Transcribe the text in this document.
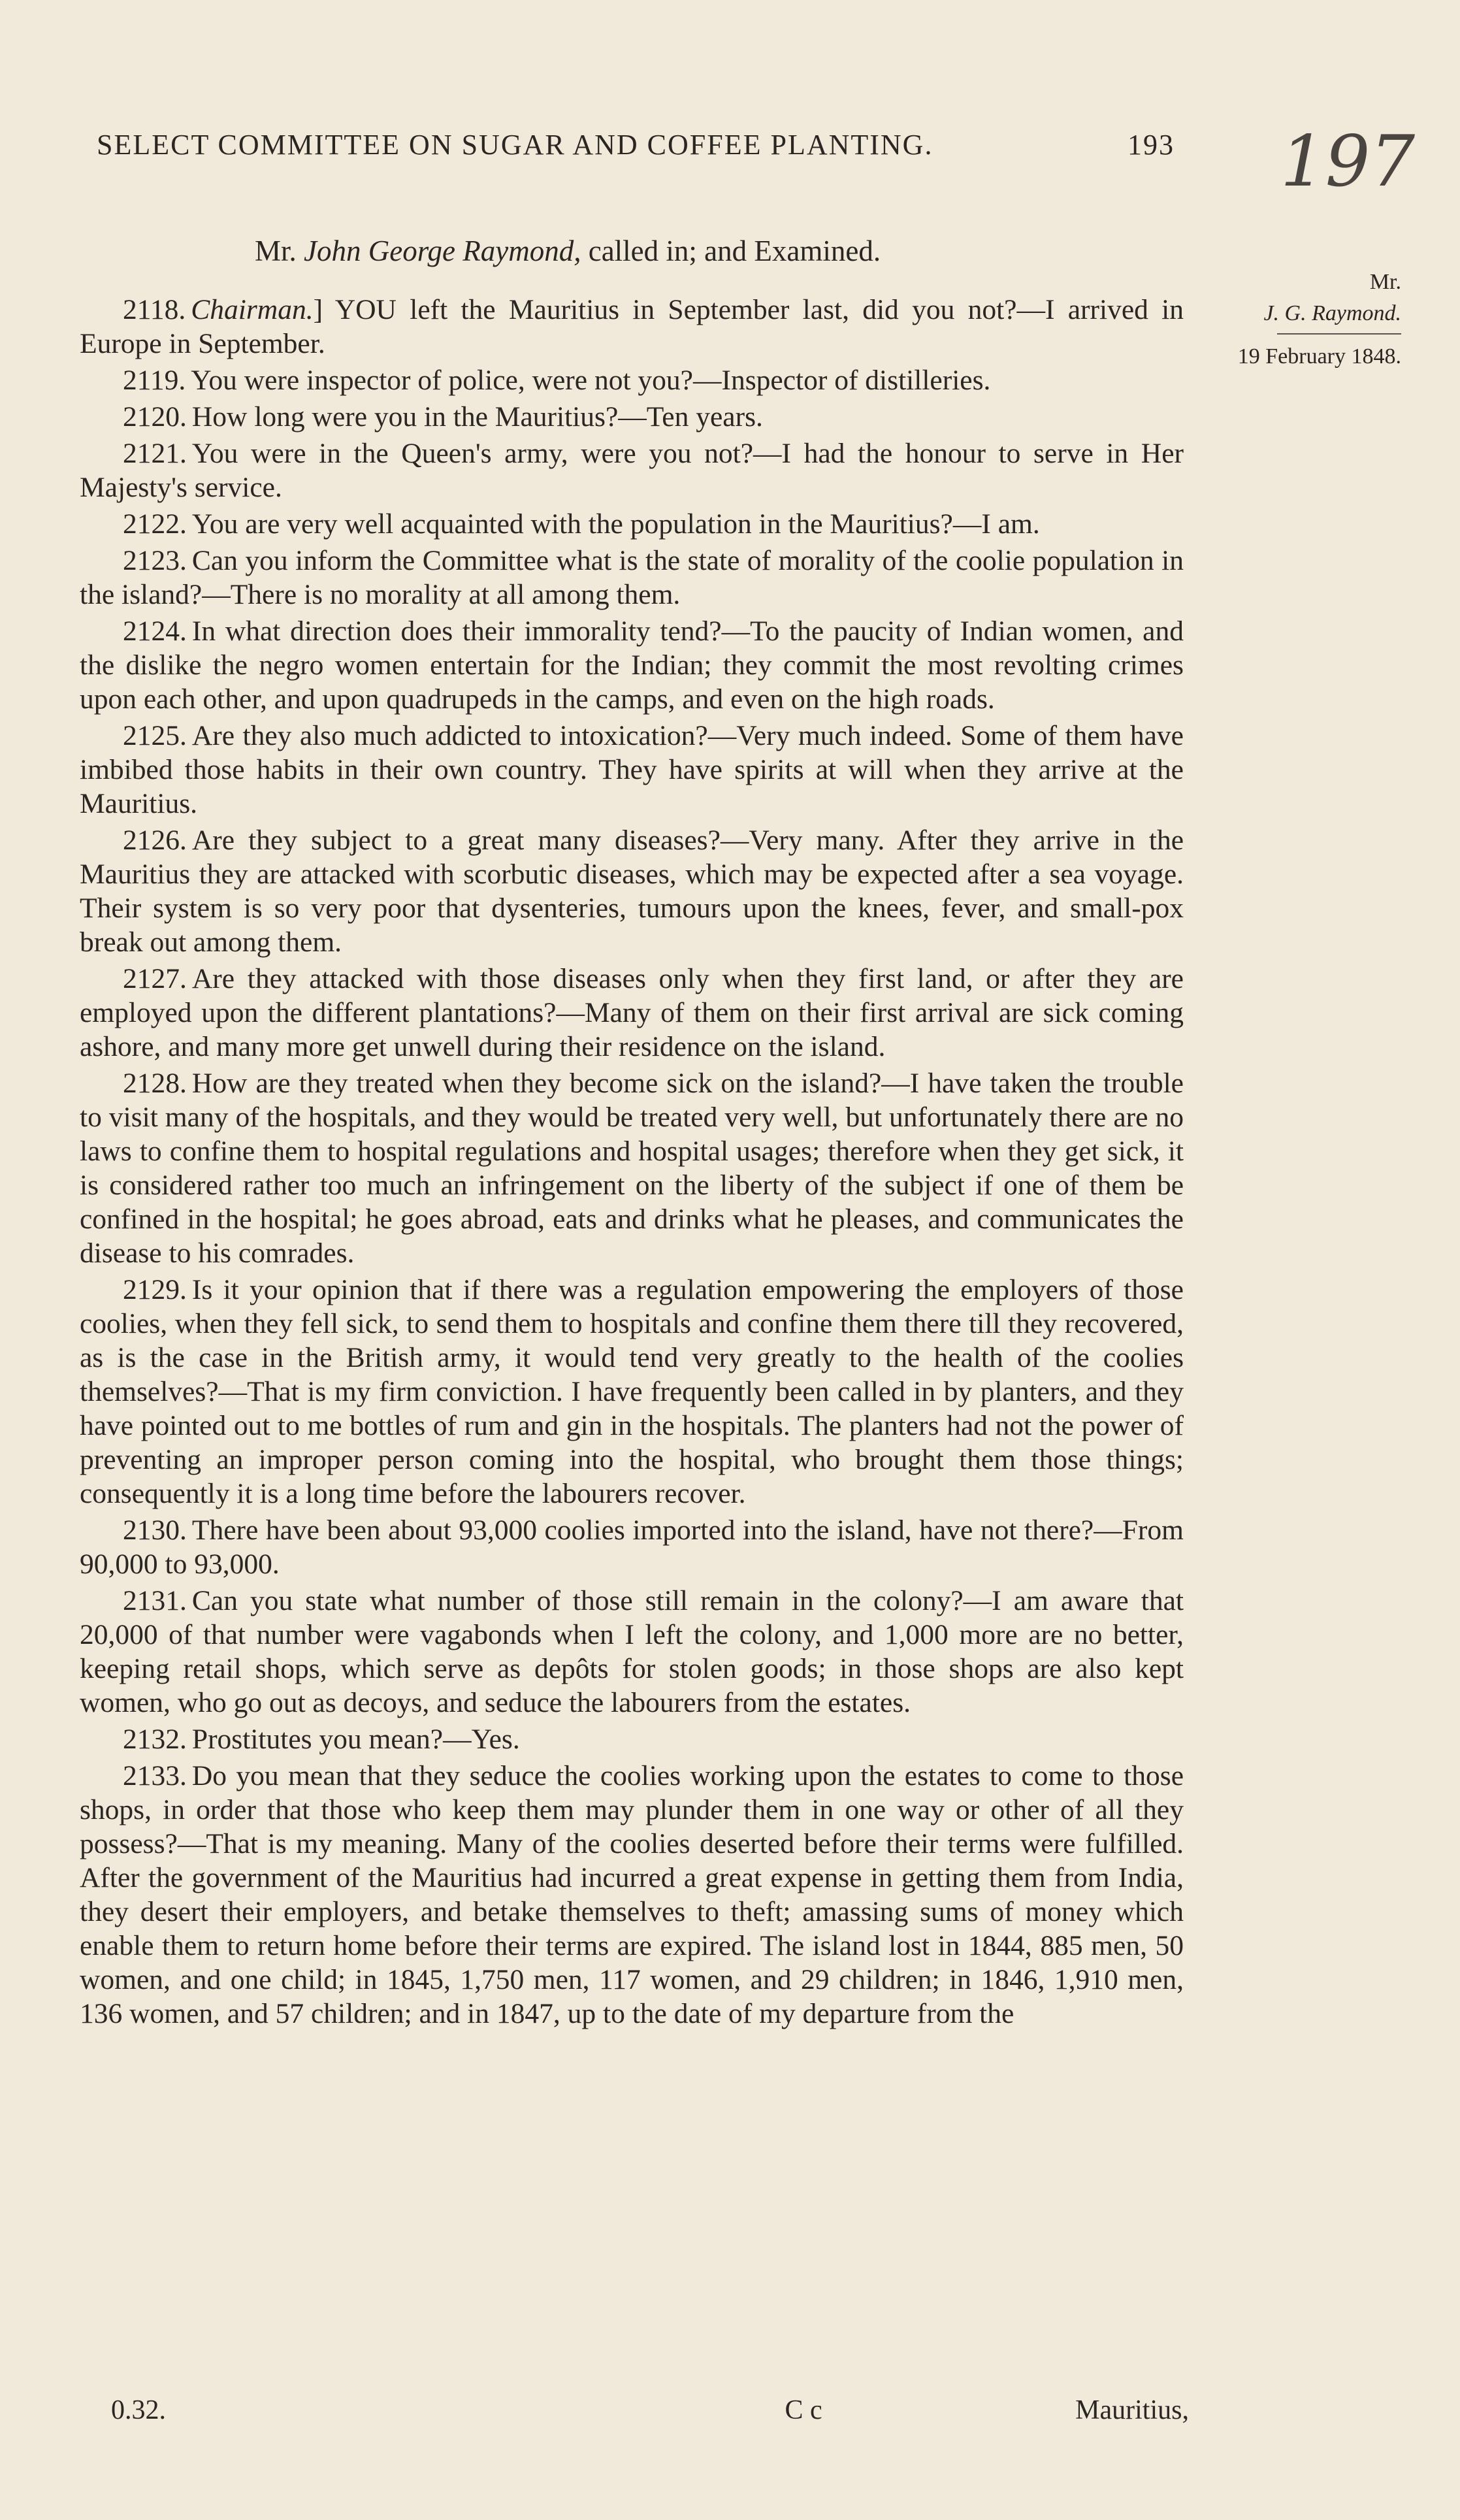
SELECT COMMITTEE ON SUGAR AND COFFEE PLANTING.	193 197
Mr. John George Raymond, called in; and Examined.
Mr.
J. G. Raymond.
19 February 1848.

2118. Chairman.] YOU left the Mauritius in September last, did you not?—I arrived in Europe in September.

2119. You were inspector of police, were not you?—Inspector of distilleries.

2120. How long were you in the Mauritius?—Ten years.

2121. You were in the Queen's army, were you not?—I had the honour to serve in Her Majesty's service.

2122. You are very well acquainted with the population in the Mauritius?—I am.

2123. Can you inform the Committee what is the state of morality of the coolie population in the island?—There is no morality at all among them.

2124. In what direction does their immorality tend?—To the paucity of Indian women, and the dislike the negro women entertain for the Indian; they commit the most revolting crimes upon each other, and upon quadrupeds in the camps, and even on the high roads.

2125. Are they also much addicted to intoxication?—Very much indeed. Some of them have imbibed those habits in their own country. They have spirits at will when they arrive at the Mauritius.

2126. Are they subject to a great many diseases?—Very many. After they arrive in the Mauritius they are attacked with scorbutic diseases, which may be expected after a sea voyage. Their system is so very poor that dysenteries, tumours upon the knees, fever, and small-pox break out among them.

2127. Are they attacked with those diseases only when they first land, or after they are employed upon the different plantations?—Many of them on their first arrival are sick coming ashore, and many more get unwell during their residence on the island.

2128. How are they treated when they become sick on the island?—I have taken the trouble to visit many of the hospitals, and they would be treated very well, but unfortunately there are no laws to confine them to hospital regulations and hospital usages; therefore when they get sick, it is considered rather too much an infringement on the liberty of the subject if one of them be confined in the hospital; he goes abroad, eats and drinks what he pleases, and communicates the disease to his comrades.

2129. Is it your opinion that if there was a regulation empowering the employers of those coolies, when they fell sick, to send them to hospitals and confine them there till they recovered, as is the case in the British army, it would tend very greatly to the health of the coolies themselves?—That is my firm conviction. I have frequently been called in by planters, and they have pointed out to me bottles of rum and gin in the hospitals. The planters had not the power of preventing an improper person coming into the hospital, who brought them those things; consequently it is a long time before the labourers recover.

2130. There have been about 93,000 coolies imported into the island, have not there?—From 90,000 to 93,000.

2131. Can you state what number of those still remain in the colony?—I am aware that 20,000 of that number were vagabonds when I left the colony, and 1,000 more are no better, keeping retail shops, which serve as depôts for stolen goods; in those shops are also kept women, who go out as decoys, and seduce the labourers from the estates.

2132. Prostitutes you mean?—Yes.

2133. Do you mean that they seduce the coolies working upon the estates to come to those shops, in order that those who keep them may plunder them in one way or other of all they possess?—That is my meaning. Many of the coolies deserted before their terms were fulfilled. After the government of the Mauritius had incurred a great expense in getting them from India, they desert their employers, and betake themselves to theft; amassing sums of money which enable them to return home before their terms are expired. The island lost in 1844, 885 men, 50 women, and one child; in 1845, 1,750 men, 117 women, and 29 children; in 1846, 1,910 men, 136 women, and 57 children; and in 1847, up to the date of my departure from the

0.32.	C c	Mauritius,
